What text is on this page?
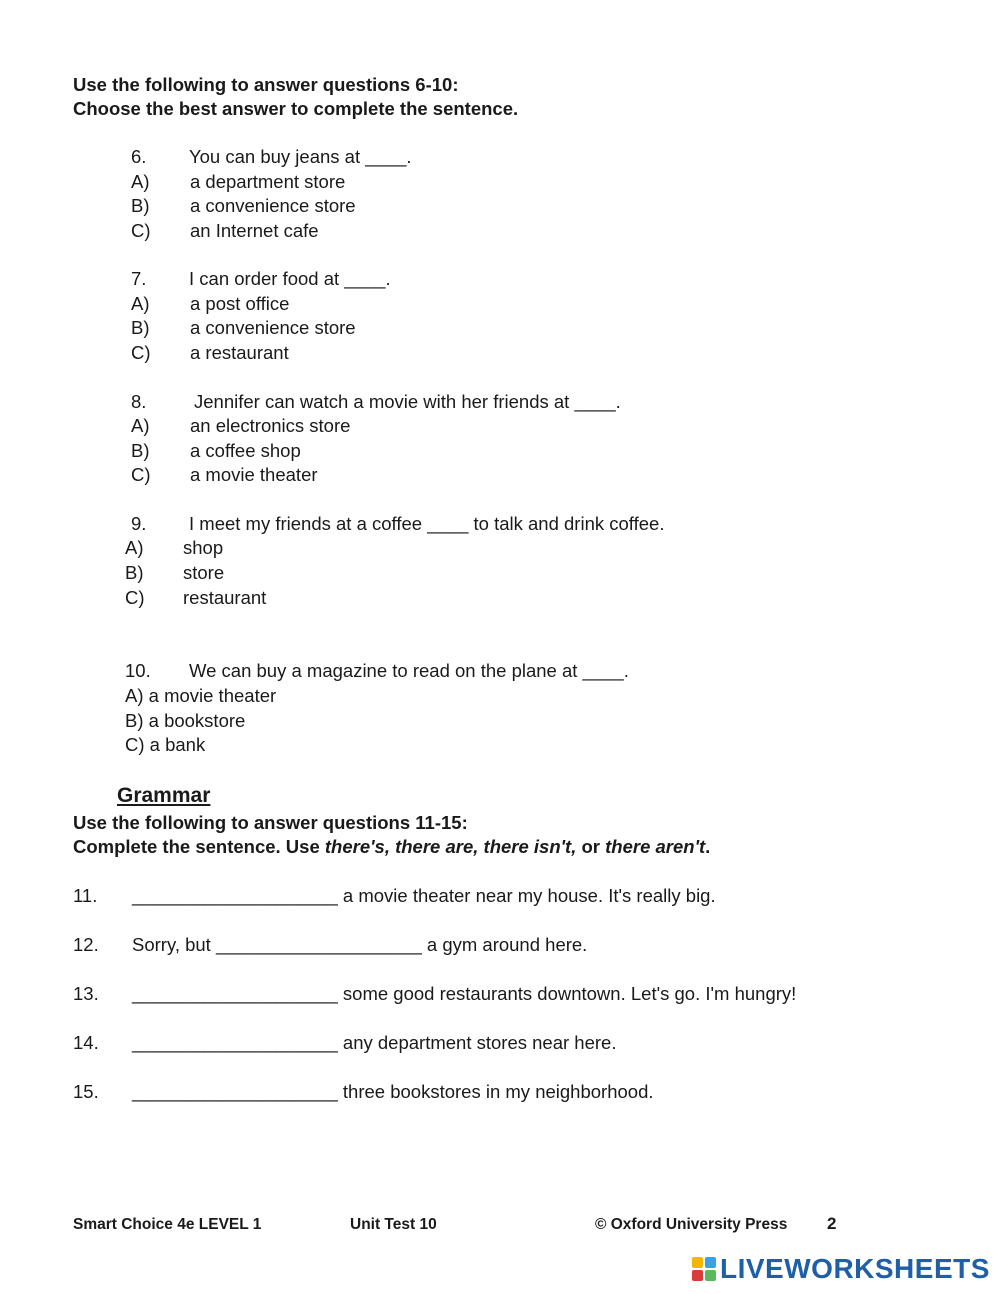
Use the following to answer questions 6-10:
Choose the best answer to complete the sentence.
6. You can buy jeans at ____.
A) a department store
B) a convenience store
C) an Internet cafe
7. I can order food at ____.
A) a post office
B) a convenience store
C) a restaurant
8.	Jennifer can watch a movie with her friends at ____.
A) an electronics store
B) a coffee shop
C) a movie theater
9. I meet my friends at a coffee ____ to talk and drink coffee.
A) shop
B) store
C) restaurant
10. We can buy a magazine to read on the plane at ____.
A) a movie theater
B) a bookstore
C) a bank
Grammar
Use the following to answer questions 11-15:
Complete the sentence. Use there's, there are, there isn't, or there aren't.
11. ____________________ a movie theater near my house. It's really big.
12. Sorry, but ____________________ a gym around here.
13. ____________________ some good restaurants downtown. Let's go. I'm hungry!
14. ____________________ any department stores near here.
15. ____________________ three bookstores in my neighborhood.
Smart Choice 4e LEVEL 1	Unit Test 10	© Oxford University Press 2
LIVEWORKSHEETS
